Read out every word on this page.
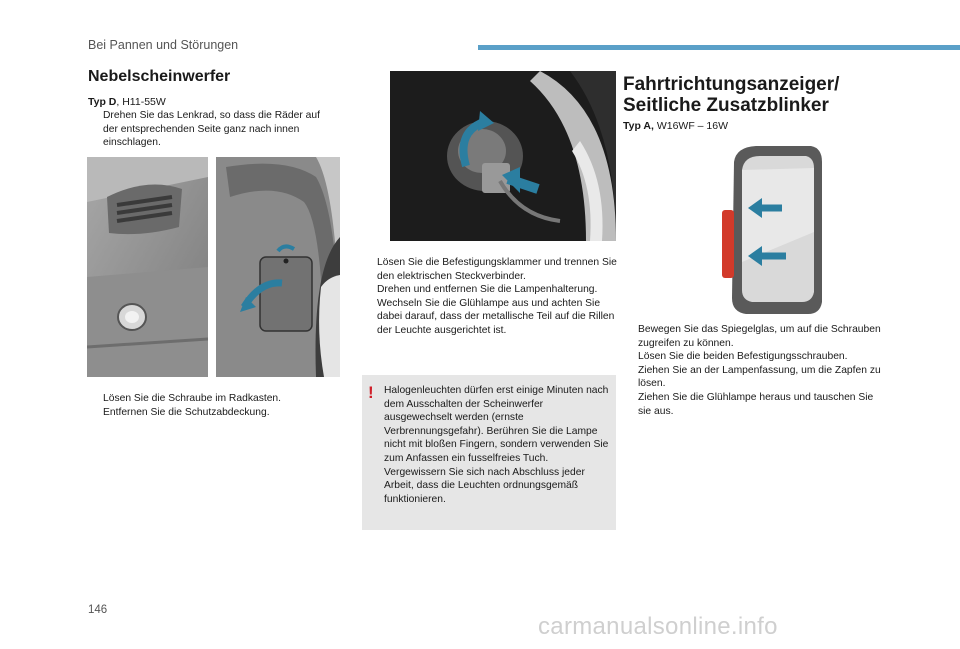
Bei Pannen und Störungen
Nebelscheinwerfer
Typ D, H11-55W
Drehen Sie das Lenkrad, so dass die Räder auf der entsprechenden Seite ganz nach innen einschlagen.
Lösen Sie die Schraube im Radkasten.
Entfernen Sie die Schutzabdeckung.
Lösen Sie die Befestigungsklammer und trennen Sie den elektrischen Steckverbinder.
Drehen und entfernen Sie die Lampenhalterung.
Wechseln Sie die Glühlampe aus und achten Sie dabei darauf, dass der metallische Teil auf die Rillen der Leuchte ausgerichtet ist.
! Halogenleuchten dürfen erst einige Minuten nach dem Ausschalten der Scheinwerfer ausgewechselt werden (ernste Verbrennungsgefahr). Berühren Sie die Lampe nicht mit bloßen Fingern, sondern verwenden Sie zum Anfassen ein fusselfreies Tuch. Vergewissern Sie sich nach Abschluss jeder Arbeit, dass die Leuchten ordnungsgemäß funktionieren.
Fahrtrichtungsanzeiger/
Seitliche Zusatzblinker
Typ A, W16WF – 16W
Bewegen Sie das Spiegelglas, um auf die Schrauben zugreifen zu können.
Lösen Sie die beiden Befestigungsschrauben.
Ziehen Sie an der Lampenfassung, um die Zapfen zu lösen.
Ziehen Sie die Glühlampe heraus und tauschen Sie sie aus.
146
carmanualsonline.info
